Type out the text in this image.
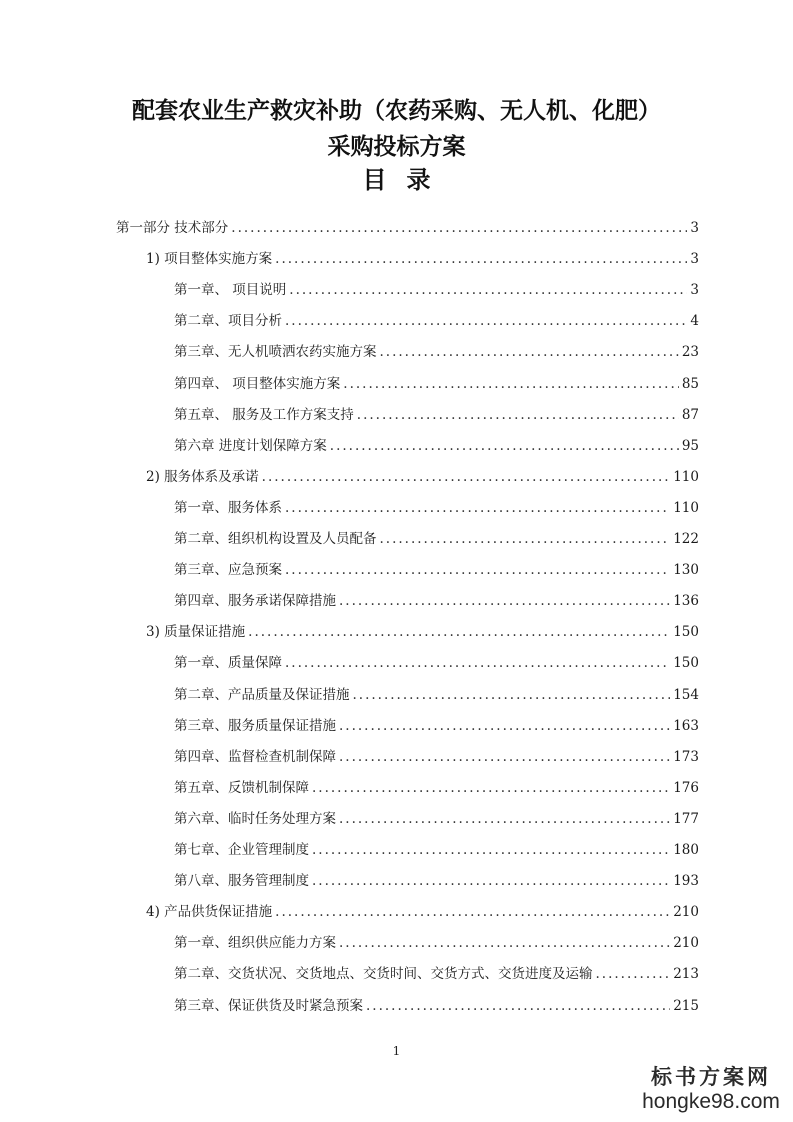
配套农业生产救灾补助（农药采购、无人机、化肥）
采购投标方案
目录
第一部分 技术部分 .....	3
1) 项目整体实施方案 .....	3
第一章、 项目说明 .....	3
第二章、项目分析 .....	4
第三章、无人机喷洒农药实施方案 .....	23
第四章、 项目整体实施方案 .....	85
第五章、 服务及工作方案支持 .....	87
第六章 进度计划保障方案 .....	95
2) 服务体系及承诺 .....	110
第一章、服务体系 .....	110
第二章、组织机构设置及人员配备 .....	122
第三章、应急预案 .....	130
第四章、服务承诺保障措施 .....	136
3) 质量保证措施 .....	150
第一章、质量保障 .....	150
第二章、产品质量及保证措施 .....	154
第三章、服务质量保证措施 .....	163
第四章、监督检查机制保障 .....	173
第五章、反馈机制保障 .....	176
第六章、临时任务处理方案 .....	177
第七章、企业管理制度 .....	180
第八章、服务管理制度 .....	193
4) 产品供货保证措施 .....	210
第一章、组织供应能力方案 .....	210
第二章、交货状况、交货地点、交货时间、交货方式、交货进度及运输 .....	213
第三章、保证供货及时紧急预案 .....	215
1
标书方案网
hongke98.com
